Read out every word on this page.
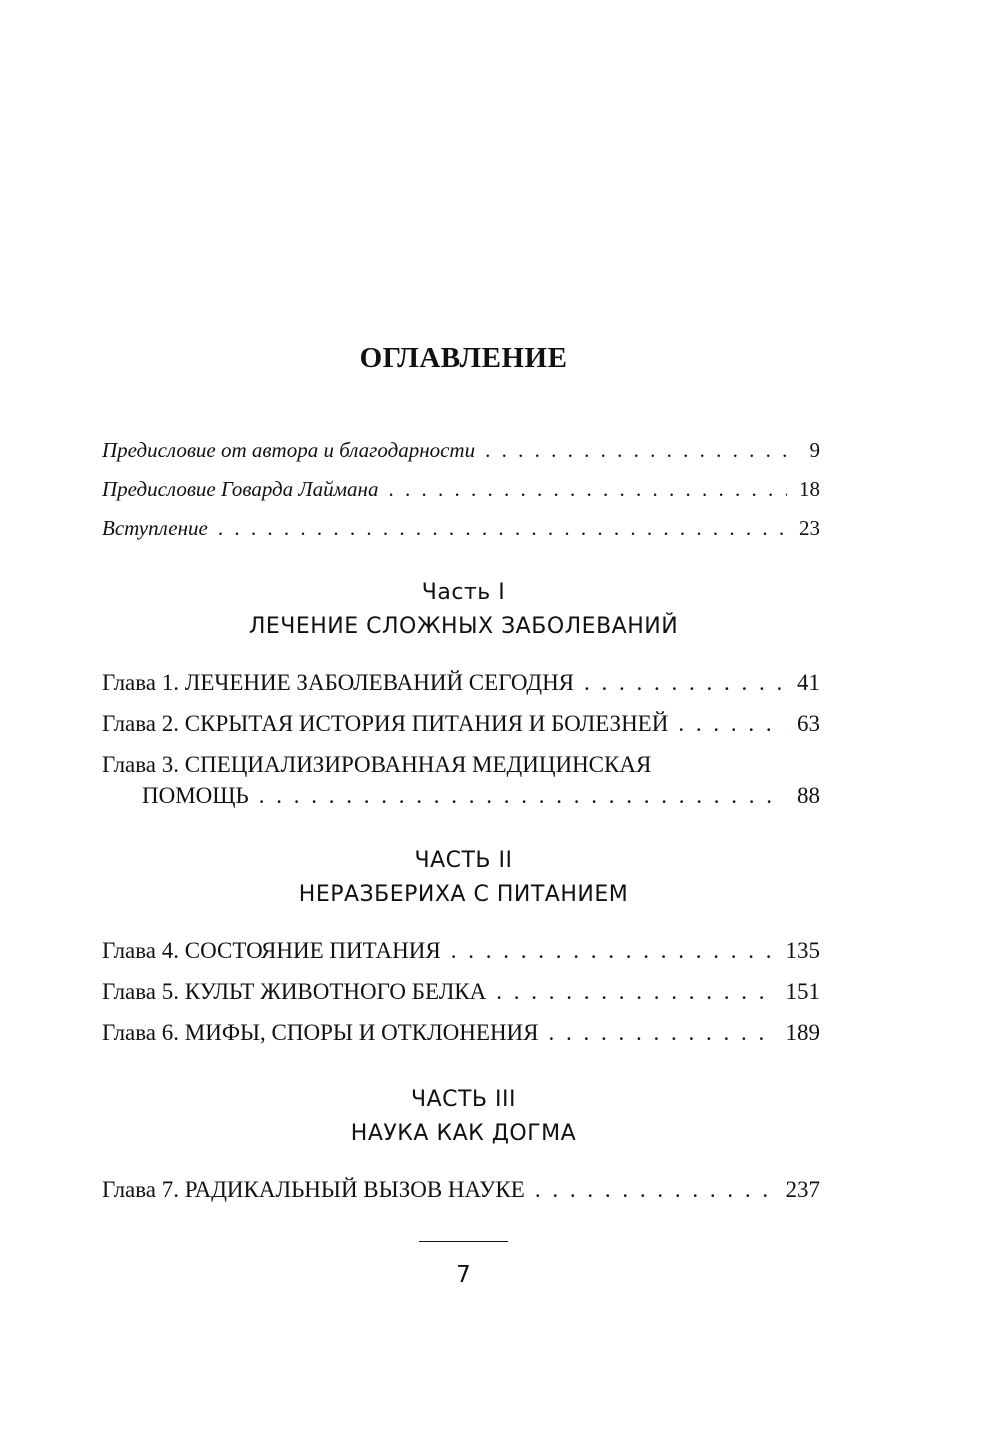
ОГЛАВЛЕНИЕ
Предисловие от автора и благодарности . . .	9
Предисловие Говарда Лаймана . . .	18
Вступление . . .	23
Часть I
ЛЕЧЕНИЕ СЛОЖНЫХ ЗАБОЛЕВАНИЙ
Глава 1. ЛЕЧЕНИЕ ЗАБОЛЕВАНИЙ СЕГОДНЯ . . .	41
Глава 2. СКРЫТАЯ ИСТОРИЯ ПИТАНИЯ И БОЛЕЗНЕЙ . . .	63
Глава 3. СПЕЦИАЛИЗИРОВАННАЯ МЕДИЦИНСКАЯ
ПОМОЩЬ . . .	88
ЧАСТЬ II
НЕРАЗБЕРИХА С ПИТАНИЕМ
Глава 4. СОСТОЯНИЕ ПИТАНИЯ . . .	135
Глава 5. КУЛЬТ ЖИВОТНОГО БЕЛКА . . .	151
Глава 6. МИФЫ, СПОРЫ И ОТКЛОНЕНИЯ . . .	189
ЧАСТЬ III
НАУКА КАК ДОГМА
Глава 7. РАДИКАЛЬНЫЙ ВЫЗОВ НАУКЕ . . .	237
7
